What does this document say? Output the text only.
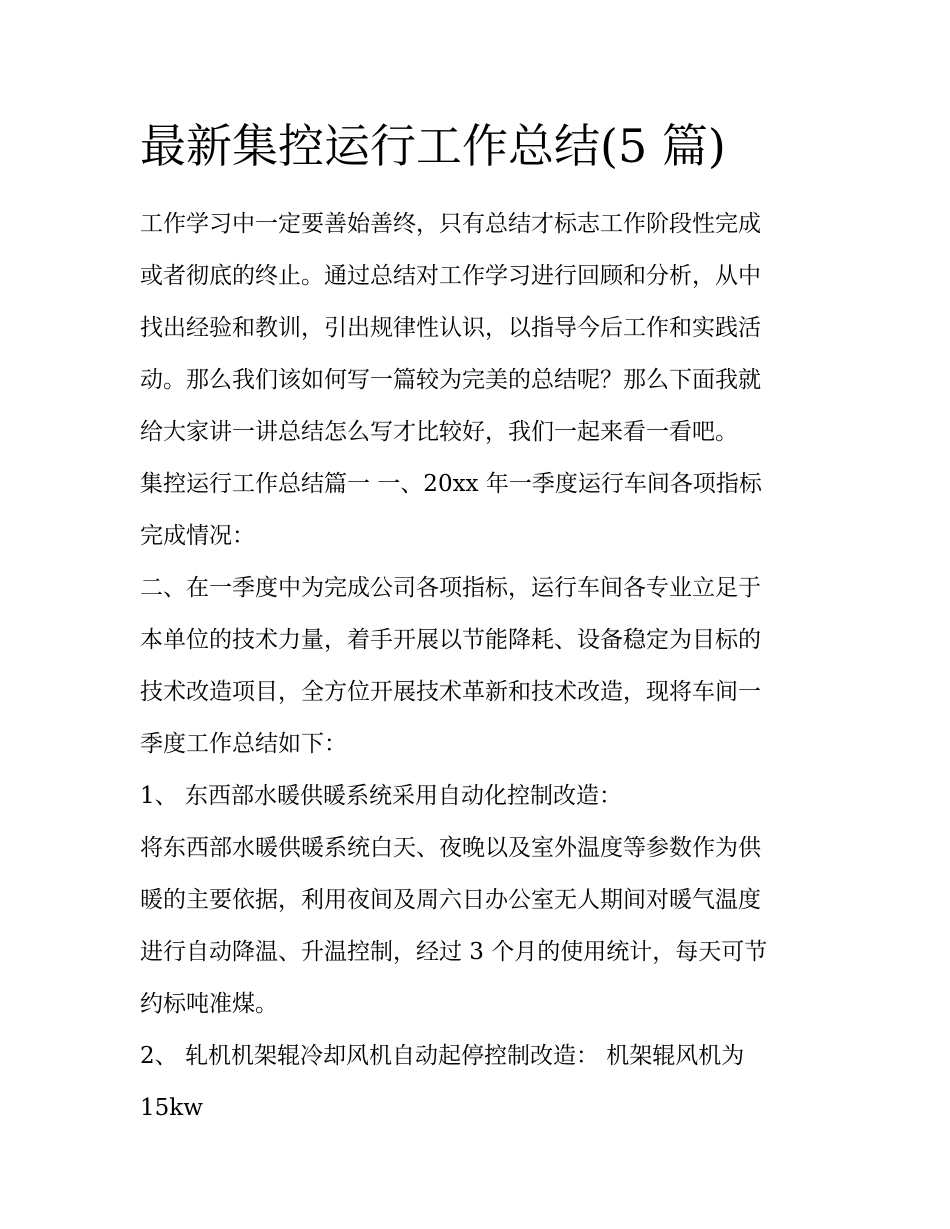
最新集控运行工作总结(5 篇)
工作学习中一定要善始善终，只有总结才标志工作阶段性完成
或者彻底的终止。通过总结对工作学习进行回顾和分析，从中
找出经验和教训，引出规律性认识，以指导今后工作和实践活
动。那么我们该如何写一篇较为完美的总结呢？那么下面我就
给大家讲一讲总结怎么写才比较好，我们一起来看一看吧。
集控运行工作总结篇一 一、20xx 年一季度运行车间各项指标
完成情况：
二、在一季度中为完成公司各项指标，运行车间各专业立足于
本单位的技术力量，着手开展以节能降耗、设备稳定为目标的
技术改造项目，全方位开展技术革新和技术改造，现将车间一
季度工作总结如下：
1、 东西部水暖供暖系统采用自动化控制改造：
将东西部水暖供暖系统白天、夜晚以及室外温度等参数作为供
暖的主要依据，利用夜间及周六日办公室无人期间对暖气温度
进行自动降温、升温控制，经过 3 个月的使用统计，每天可节
约标吨准煤。
2、 轧机机架辊冷却风机自动起停控制改造： 机架辊风机为
15kw
